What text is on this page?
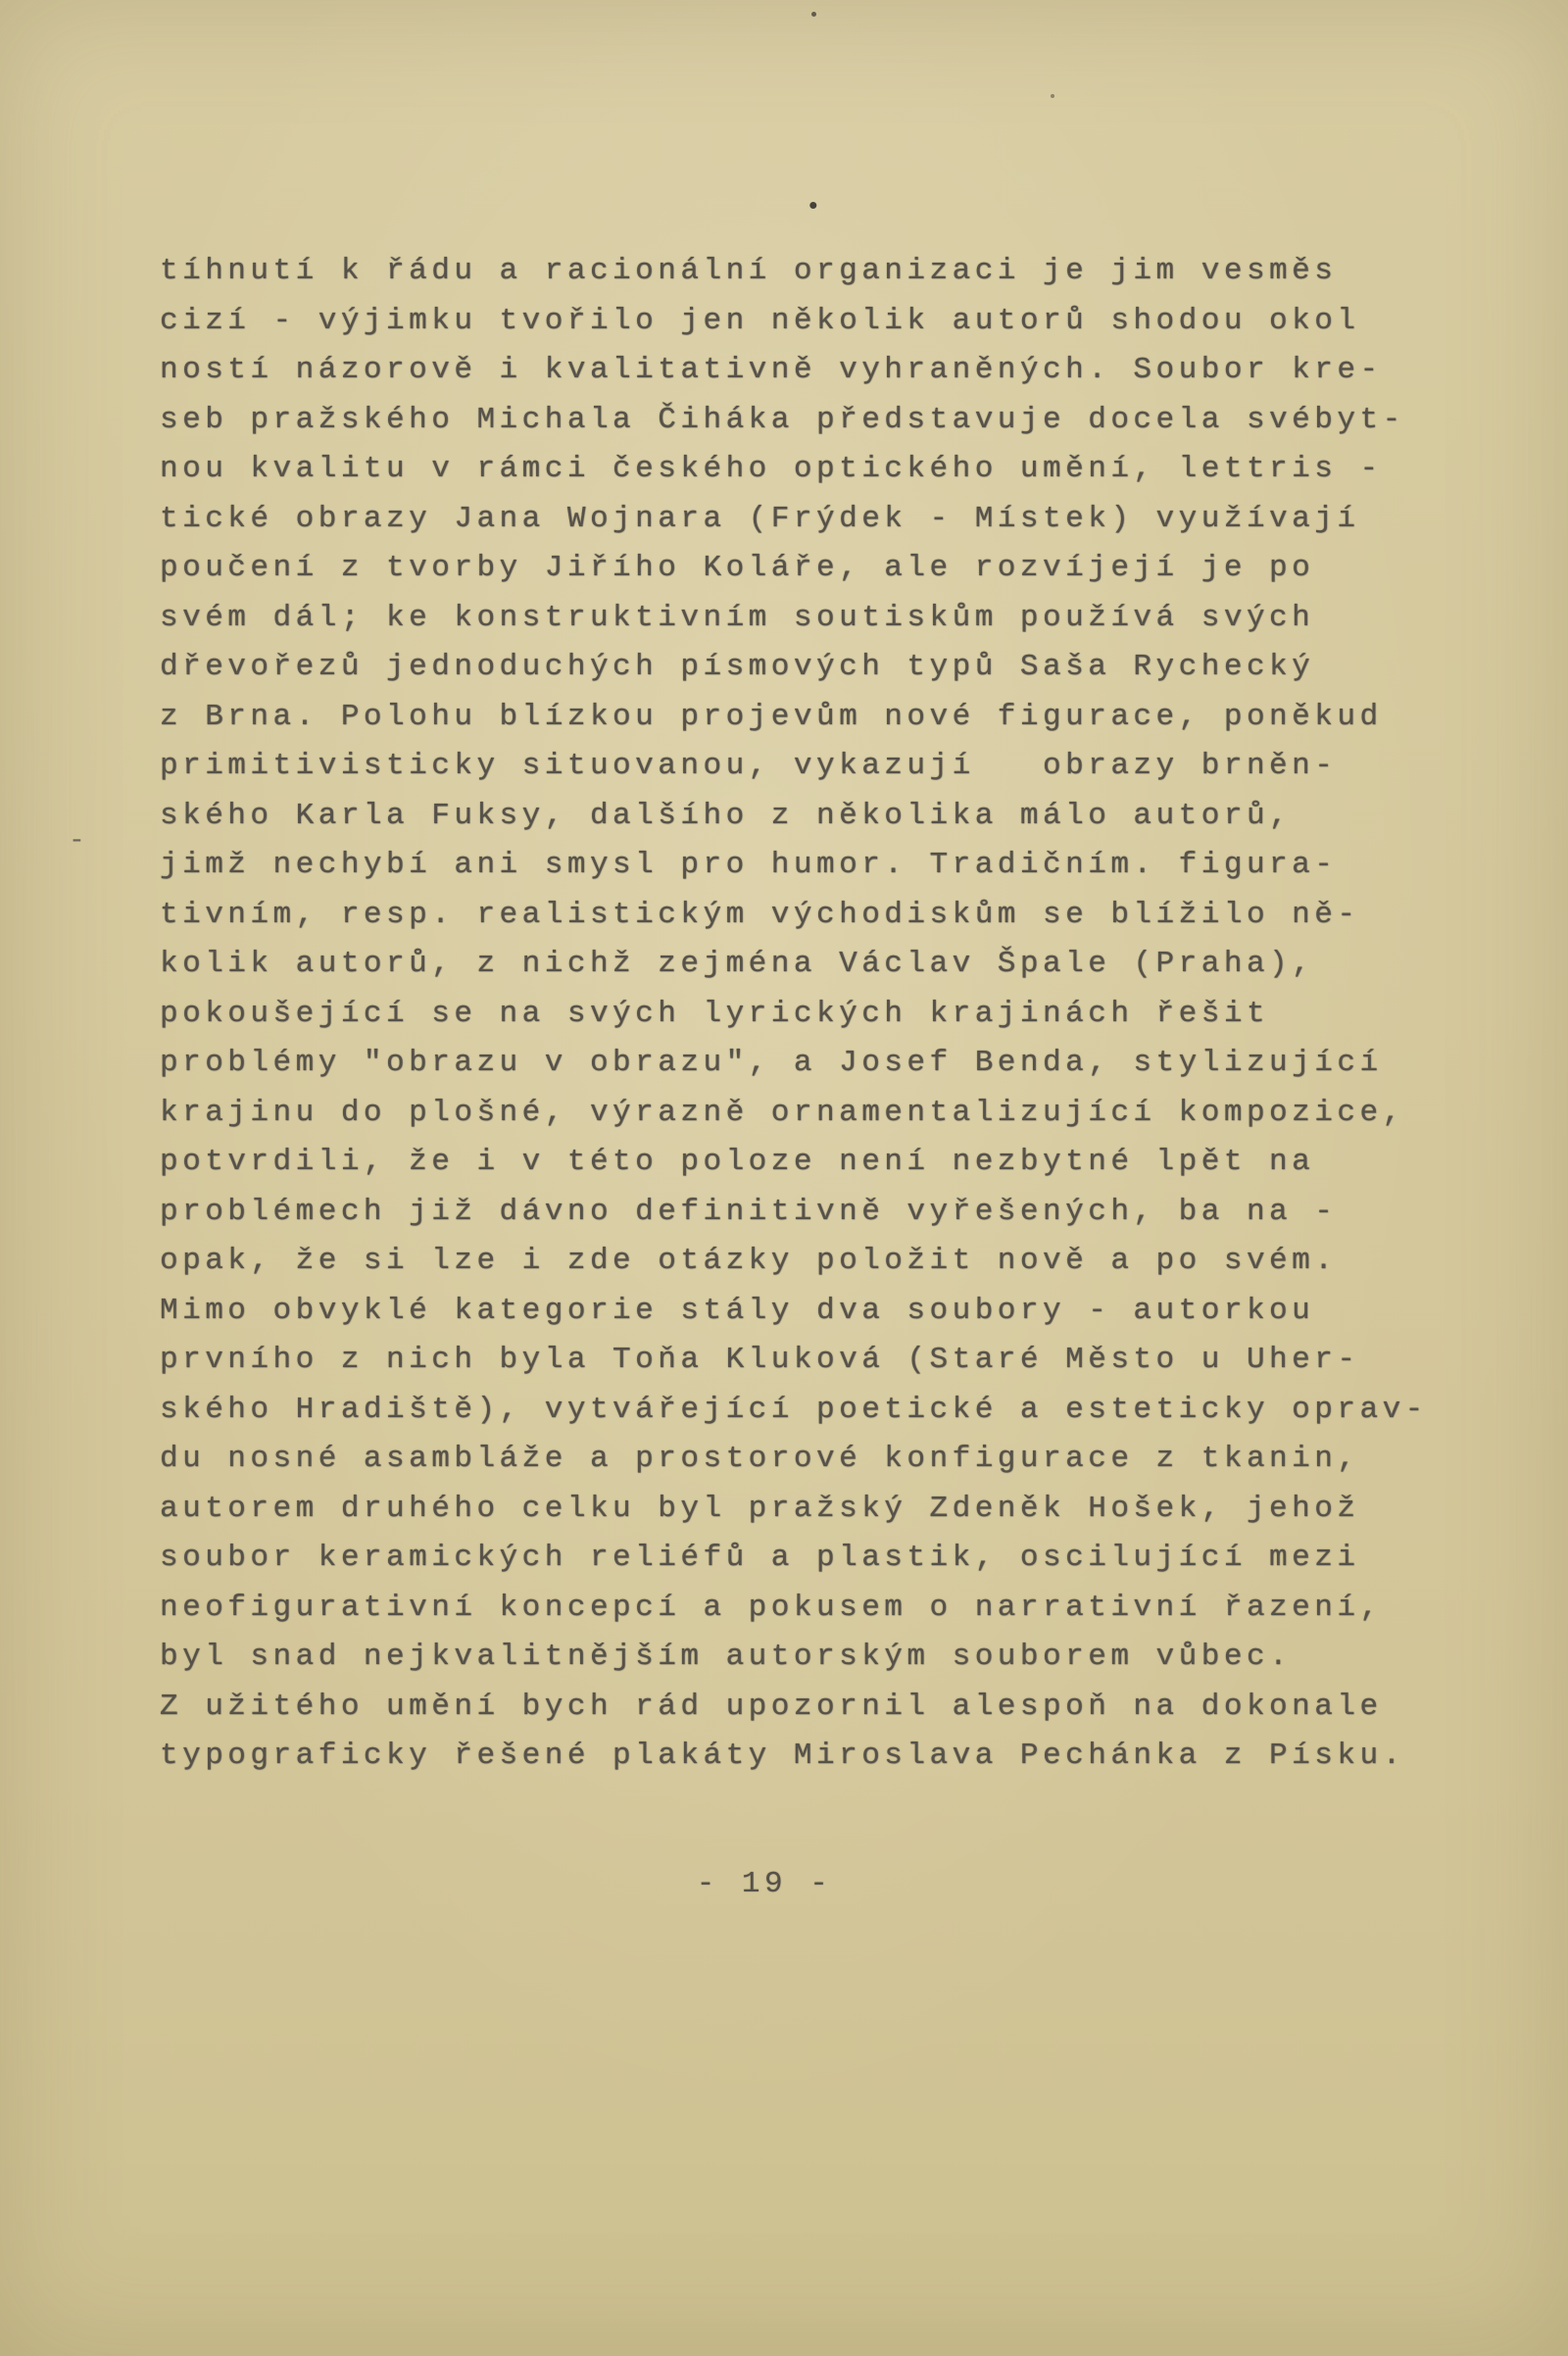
•
-
tíhnutí k řádu a racionální organizaci je jim vesměs
cizí - výjimku tvořilo jen několik autorů shodou okol
ností názorově i kvalitativně vyhraněných. Soubor kre-
seb pražského Michala Čiháka představuje docela svébyt-
nou kvalitu v rámci českého optického umění, lettris -
tické obrazy Jana Wojnara (Frýdek - Místek) využívají
poučení z tvorby Jiřího Koláře, ale rozvíjejí je po
svém dál; ke konstruktivním soutiskům používá svých
dřevořezů jednoduchých písmových typů Saša Rychecký
z Brna. Polohu blízkou projevům nové figurace, poněkud
primitivisticky situovanou, vykazují   obrazy brněn-
ského Karla Fuksy, dalšího z několika málo autorů,
jimž nechybí ani smysl pro humor. Tradičním. figura-
tivním, resp. realistickým východiskům se blížilo ně-
kolik autorů, z nichž zejména Václav Špale (Praha),
pokoušející se na svých lyrických krajinách řešit
problémy "obrazu v obrazu", a Josef Benda, stylizující
krajinu do plošné, výrazně ornamentalizující kompozice,
potvrdili, že i v této poloze není nezbytné lpět na
problémech již dávno definitivně vyřešených, ba na -
opak, že si lze i zde otázky položit nově a po svém.
Mimo obvyklé kategorie stály dva soubory - autorkou
prvního z nich byla Toňa Kluková (Staré Město u Uher-
ského Hradiště), vytvářející poetické a esteticky oprav-
du nosné asambláže a prostorové konfigurace z tkanin,
autorem druhého celku byl pražský Zdeněk Hošek, jehož
soubor keramických reliéfů a plastik, oscilující mezi
neofigurativní koncepcí a pokusem o narrativní řazení,
byl snad nejkvalitnějším autorským souborem vůbec.
Z užitého umění bych rád upozornil alespoň na dokonale
typograficky řešené plakáty Miroslava Pechánka z Písku.
- 19 -
